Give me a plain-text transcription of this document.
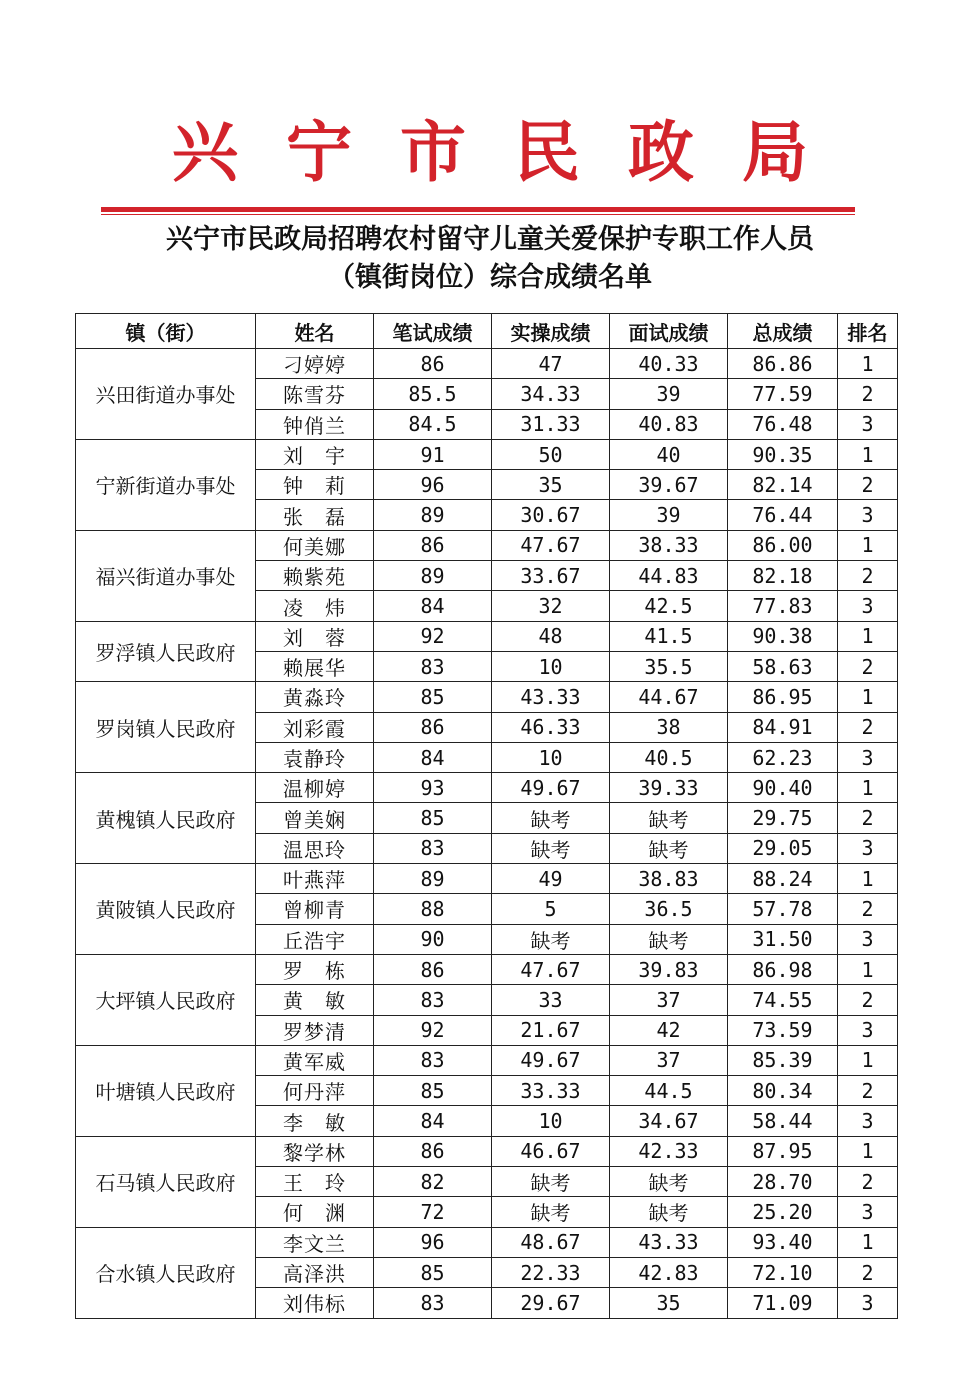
兴宁市民政局
兴宁市民政局招聘农村留守儿童关爱保护专职工作人员
（镇街岗位）综合成绩名单
镇（街）	姓名	笔试成绩	实操成绩	面试成绩	总成绩	排名
兴田街道办事处	刁婷婷	86	47	40.33	86.86	1
	陈雪芬	85.5	34.33	39	77.59	2
	钟俏兰	84.5	31.33	40.83	76.48	3
宁新街道办事处	刘　宇	91	50	40	90.35	1
	钟　莉	96	35	39.67	82.14	2
	张　磊	89	30.67	39	76.44	3
福兴街道办事处	何美娜	86	47.67	38.33	86.00	1
	赖紫苑	89	33.67	44.83	82.18	2
	凌　炜	84	32	42.5	77.83	3
罗浮镇人民政府	刘　蓉	92	48	41.5	90.38	1
	赖展华	83	10	35.5	58.63	2
罗岗镇人民政府	黄淼玲	85	43.33	44.67	86.95	1
	刘彩霞	86	46.33	38	84.91	2
	袁静玲	84	10	40.5	62.23	3
黄槐镇人民政府	温柳婷	93	49.67	39.33	90.40	1
	曾美娴	85	缺考	缺考	29.75	2
	温思玲	83	缺考	缺考	29.05	3
黄陂镇人民政府	叶燕萍	89	49	38.83	88.24	1
	曾柳青	88	5	36.5	57.78	2
	丘浩宇	90	缺考	缺考	31.50	3
大坪镇人民政府	罗　栋	86	47.67	39.83	86.98	1
	黄　敏	83	33	37	74.55	2
	罗梦清	92	21.67	42	73.59	3
叶塘镇人民政府	黄军威	83	49.67	37	85.39	1
	何丹萍	85	33.33	44.5	80.34	2
	李　敏	84	10	34.67	58.44	3
石马镇人民政府	黎学林	86	46.67	42.33	87.95	1
	王　玲	82	缺考	缺考	28.70	2
	何　渊	72	缺考	缺考	25.20	3
合水镇人民政府	李文兰	96	48.67	43.33	93.40	1
	高泽洪	85	22.33	42.83	72.10	2
	刘伟标	83	29.67	35	71.09	3
